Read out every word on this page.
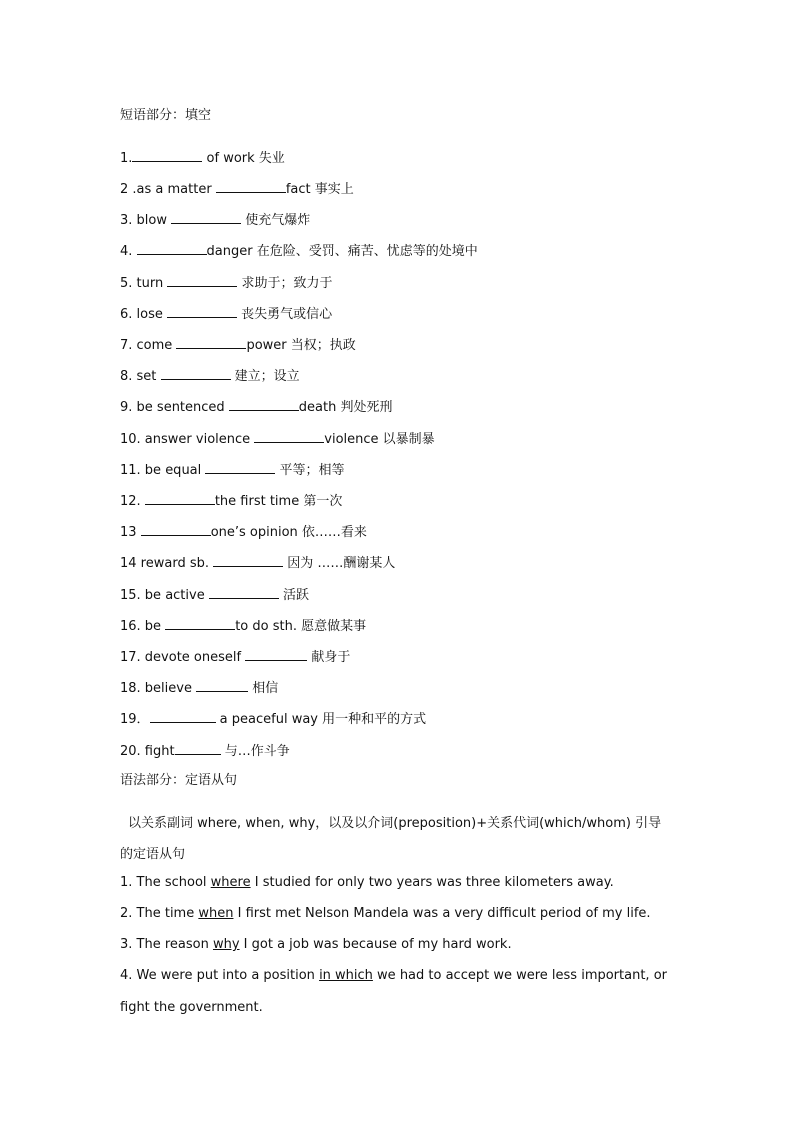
短语部分：填空
1.	of work 失业
2 .as a matter	fact 事实上
3. blow	使充气爆炸
4.	danger 在危险、受罚、痛苦、忧虑等的处境中
5. turn	求助于；致力于
6. lose	丧失勇气或信心
7. come	power 当权；执政
8. set	建立；设立
9. be sentenced	death 判处死刑
10. answer violence	violence 以暴制暴
11. be equal	平等；相等
12.	the first time 第一次
13	one’s opinion 依……看来
14 reward sb.	因为 ……酬谢某人
15. be active	活跃
16. be	to do sth. 愿意做某事
17. devote oneself	献身于
18. believe	相信
19．	a peaceful way 用一种和平的方式
20. fight	与…作斗争
语法部分：定语从句
以关系副词 where, when, why，以及以介词(preposition)+关系代词(which/whom) 引导
的定语从句
1. The school where I studied for only two years was three kilometers away.
2. The time when I first met Nelson Mandela was a very difficult period of my life.
3. The reason why I got a job was because of my hard work.
4. We were put into a position in which we had to accept we were less important, or
fight the government.
